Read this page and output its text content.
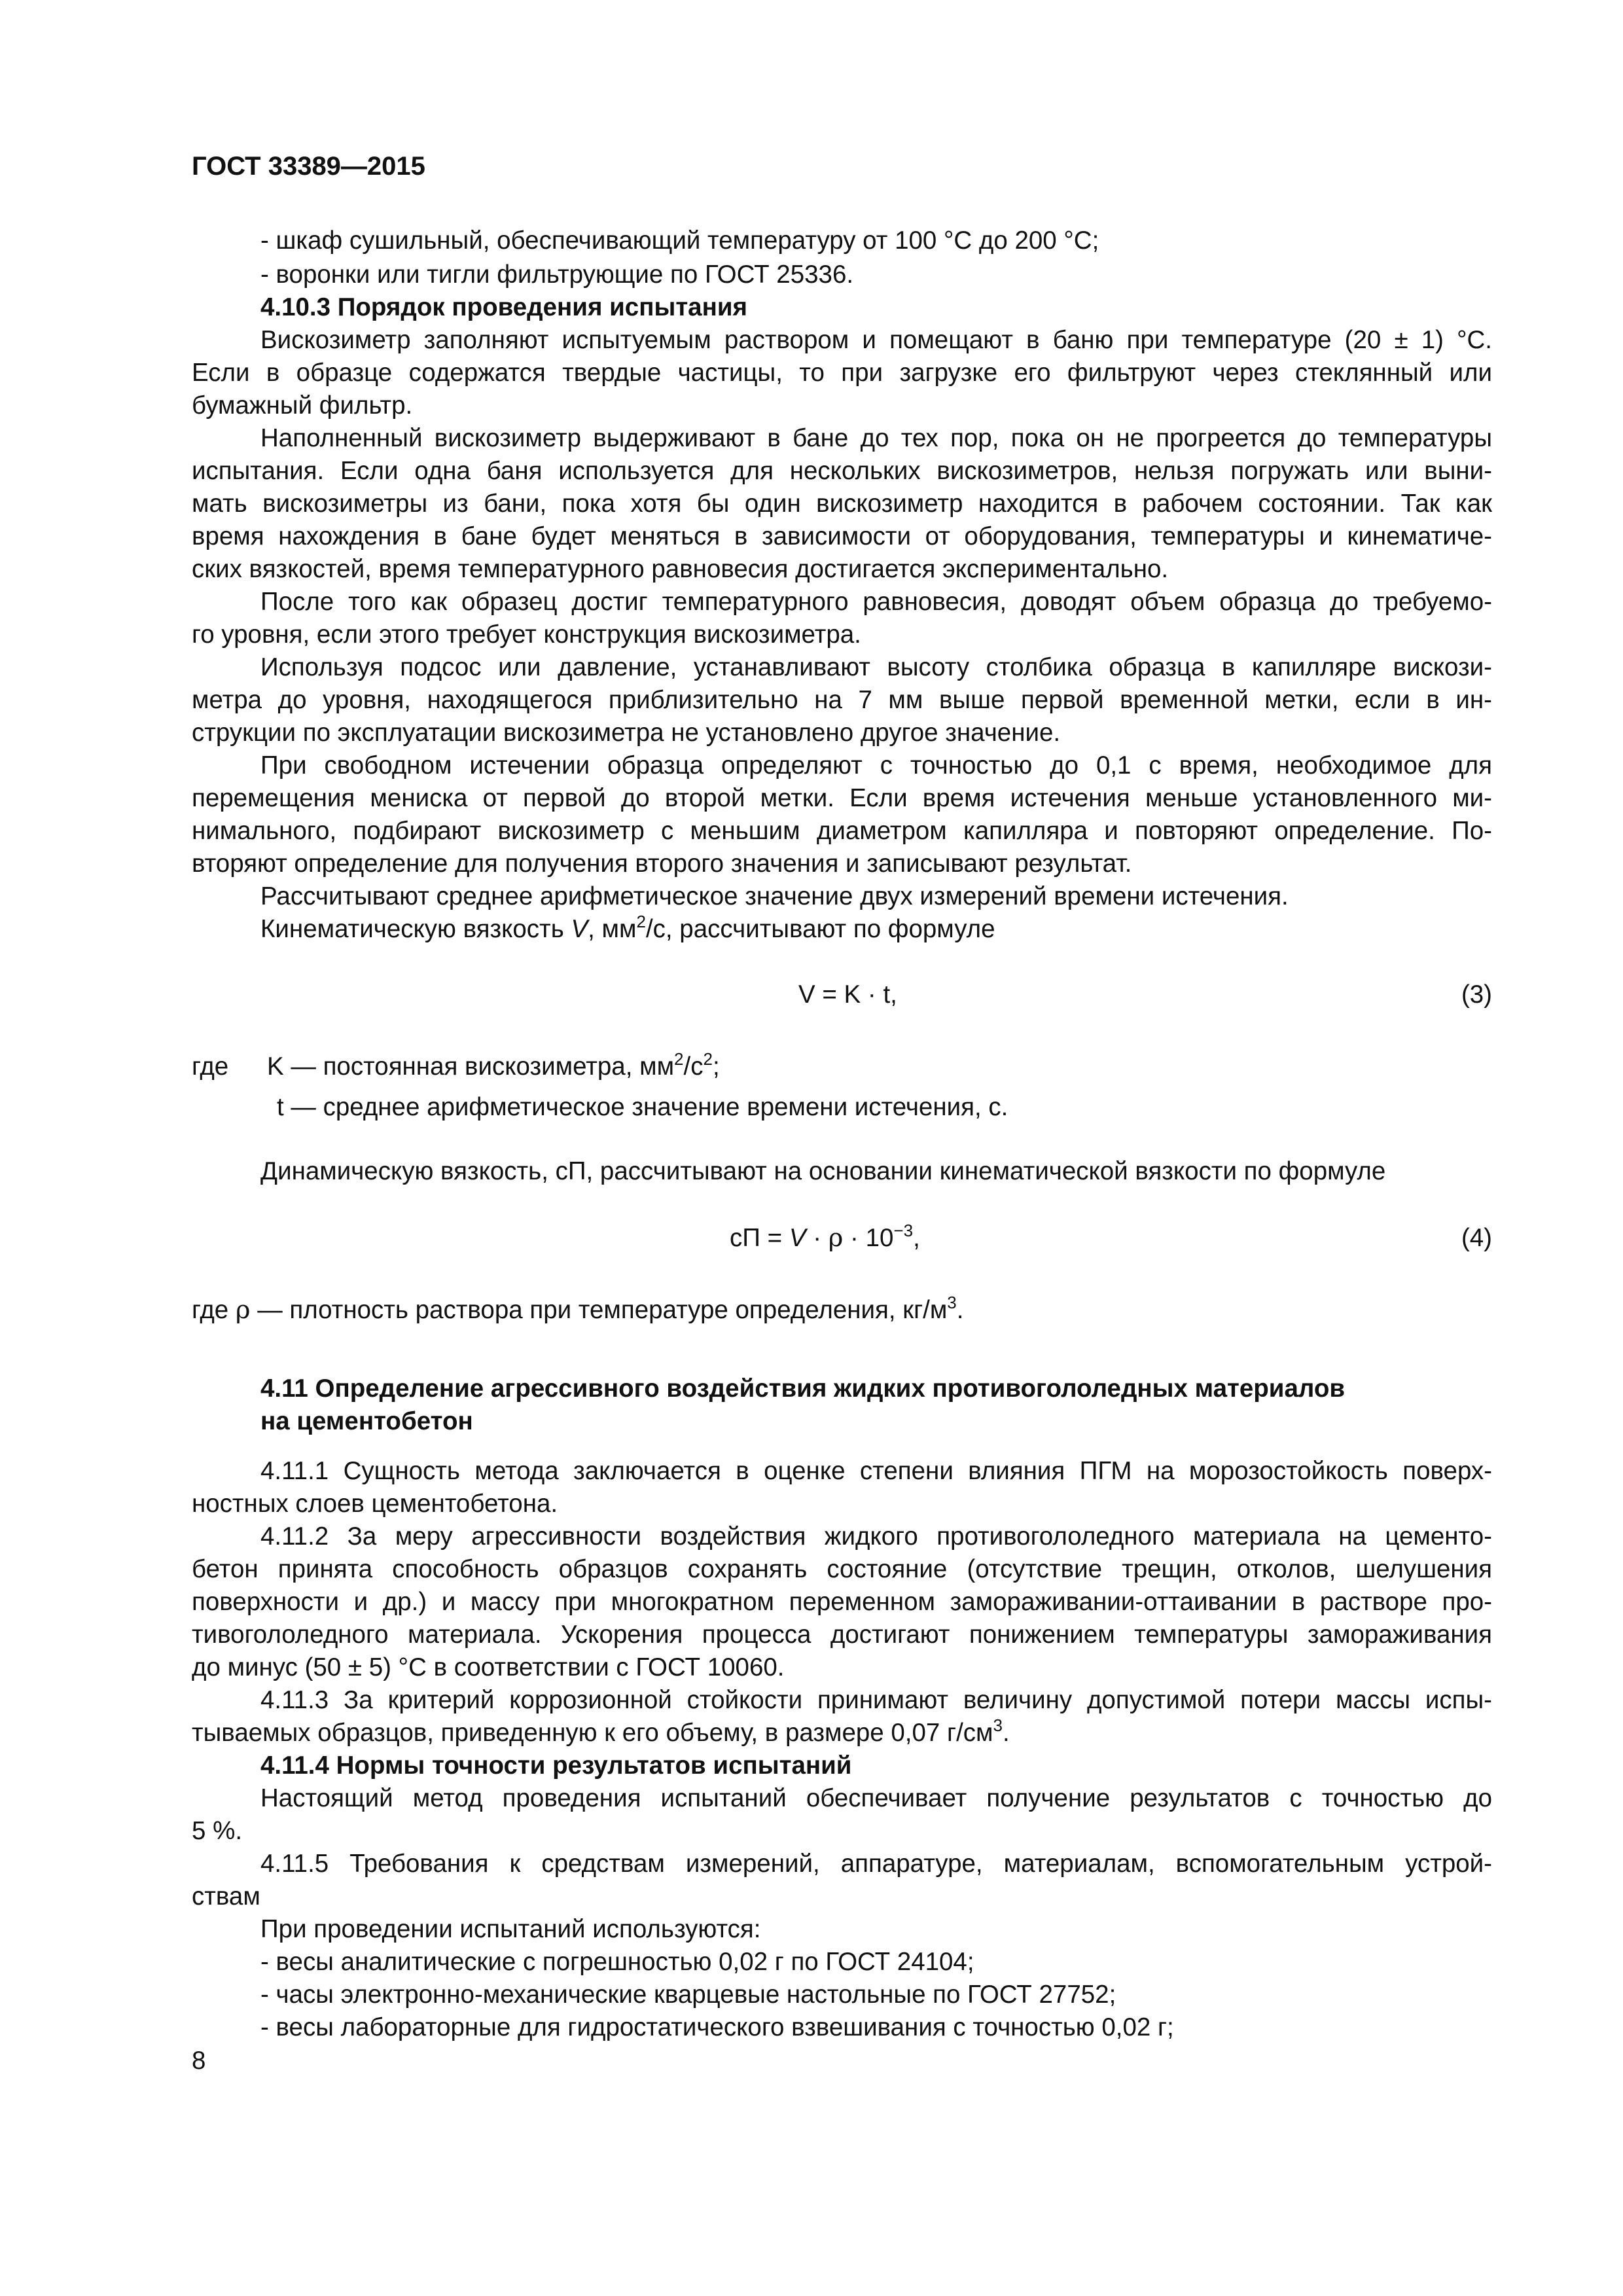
ГОСТ 33389—2015
- шкаф сушильный, обеспечивающий температуру от 100 °С до 200 °С;
- воронки или тигли фильтрующие по ГОСТ 25336.
4.10.3 Порядок проведения испытания
Вискозиметр заполняют испытуемым раствором и помещают в баню при температуре (20 ± 1) °С.
Если в образце содержатся твердые частицы, то при загрузке его фильтруют через стеклянный или
бумажный фильтр.
Наполненный вискозиметр выдерживают в бане до тех пор, пока он не прогреется до температуры
испытания. Если одна баня используется для нескольких вискозиметров, нельзя погружать или выни-
мать вискозиметры из бани, пока хотя бы один вискозиметр находится в рабочем состоянии. Так как
время нахождения в бане будет меняться в зависимости от оборудования, температуры и кинематиче-
ских вязкостей, время температурного равновесия достигается экспериментально.
После того как образец достиг температурного равновесия, доводят объем образца до требуемо-
го уровня, если этого требует конструкция вискозиметра.
Используя подсос или давление, устанавливают высоту столбика образца в капилляре вискози-
метра до уровня, находящегося приблизительно на 7 мм выше первой временной метки, если в ин-
струкции по эксплуатации вискозиметра не установлено другое значение.
При свободном истечении образца определяют с точностью до 0,1 с время, необходимое для
перемещения мениска от первой до второй метки. Если время истечения меньше установленного ми-
нимального, подбирают вискозиметр с меньшим диаметром капилляра и повторяют определение. По-
вторяют определение для получения второго значения и записывают результат.
Рассчитывают среднее арифметическое значение двух измерений времени истечения.
Кинематическую вязкость V, $мм^2/с$, рассчитывают по формуле
V = K · t,	(3)
где K — постоянная вискозиметра, $мм^2/с^2$;
t — среднее арифметическое значение времени истечения, с.
Динамическую вязкость, сП, рассчитывают на основании кинематической вязкости по формуле
сП = $V \cdot \rho \cdot 10^{-3}$,	(4)
где ρ — плотность раствора при температуре определения, $кг/м^3$.
4.11 Определение агрессивного воздействия жидких противогололедных материалов
на цементобетон
4.11.1 Сущность метода заключается в оценке степени влияния ПГМ на морозостойкость поверх-
ностных слоев цементобетона.
4.11.2 За меру агрессивности воздействия жидкого противогололедного материала на цементо-
бетон принята способность образцов сохранять состояние (отсутствие трещин, отколов, шелушения
поверхности и др.) и массу при многократном переменном замораживании-оттаивании в растворе про-
тивогололедного материала. Ускорения процесса достигают понижением температуры замораживания
до минус (50 ± 5) °С в соответствии с ГОСТ 10060.
4.11.3 За критерий коррозионной стойкости принимают величину допустимой потери массы испы-
тываемых образцов, приведенную к его объему, в размере 0,07 $г/см^3$.
4.11.4 Нормы точности результатов испытаний
Настоящий метод проведения испытаний обеспечивает получение результатов с точностью до
5 %.
4.11.5 Требования к средствам измерений, аппаратуре, материалам, вспомогательным устрой-
ствам
При проведении испытаний используются:
- весы аналитические с погрешностью 0,02 г по ГОСТ 24104;
- часы электронно-механические кварцевые настольные по ГОСТ 27752;
- весы лабораторные для гидростатического взвешивания с точностью 0,02 г;
8
